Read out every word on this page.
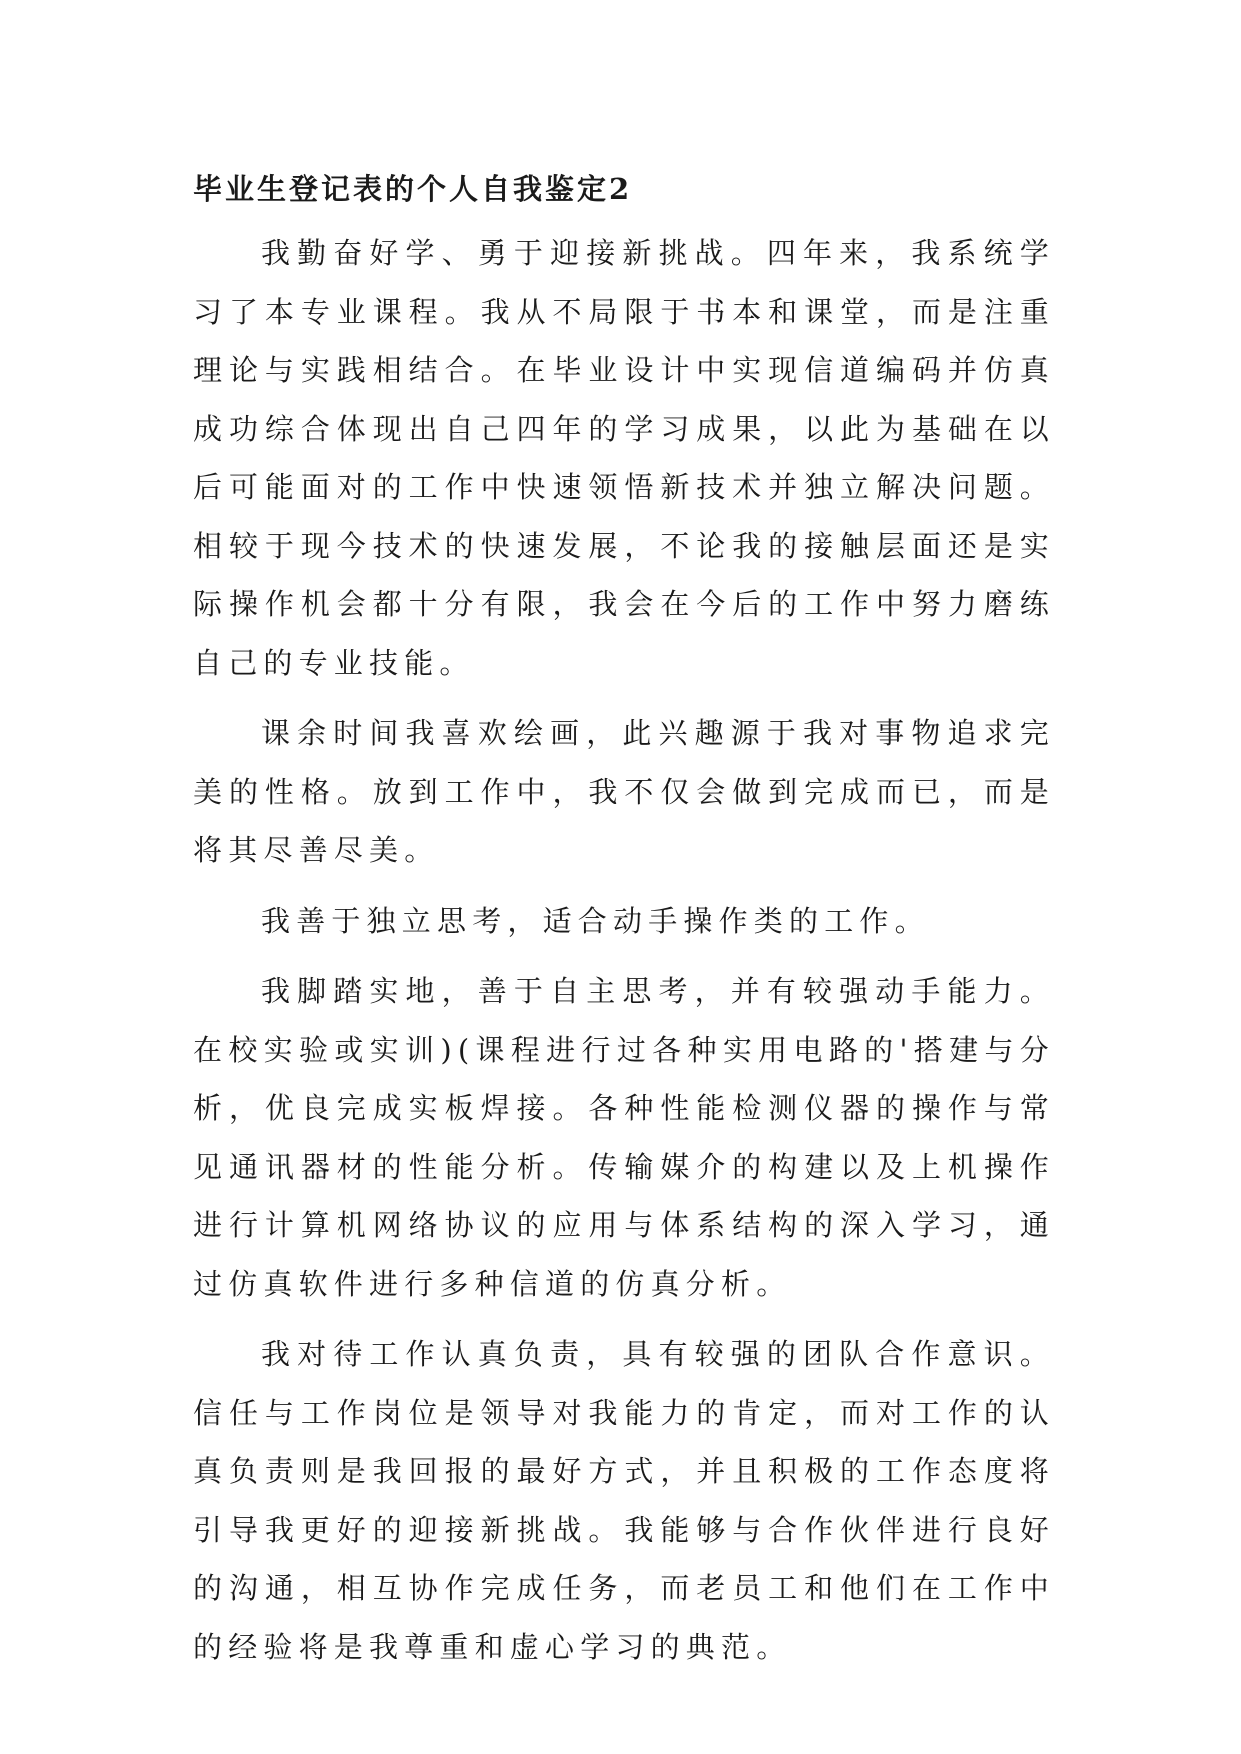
毕业生登记表的个人自我鉴定2

我勤奋好学、勇于迎接新挑战。四年来，我系统学习了本专业课程。我从不局限于书本和课堂，而是注重理论与实践相结合。在毕业设计中实现信道编码并仿真成功综合体现出自己四年的学习成果，以此为基础在以后可能面对的工作中快速领悟新技术并独立解决问题。相较于现今技术的快速发展，不论我的接触层面还是实际操作机会都十分有限，我会在今后的工作中努力磨练自己的专业技能。

课余时间我喜欢绘画，此兴趣源于我对事物追求完美的性格。放到工作中，我不仅会做到完成而已，而是将其尽善尽美。

我善于独立思考，适合动手操作类的工作。

我脚踏实地，善于自主思考，并有较强动手能力。在校实验或实训)(课程进行过各种实用电路的'搭建与分析，优良完成实板焊接。各种性能检测仪器的操作与常见通讯器材的性能分析。传输媒介的构建以及上机操作进行计算机网络协议的应用与体系结构的深入学习，通过仿真软件进行多种信道的仿真分析。

我对待工作认真负责，具有较强的团队合作意识。信任与工作岗位是领导对我能力的肯定，而对工作的认真负责则是我回报的最好方式，并且积极的工作态度将引导我更好的迎接新挑战。我能够与合作伙伴进行良好的沟通，相互协作完成任务，而老员工和他们在工作中的经验将是我尊重和虚心学习的典范。
